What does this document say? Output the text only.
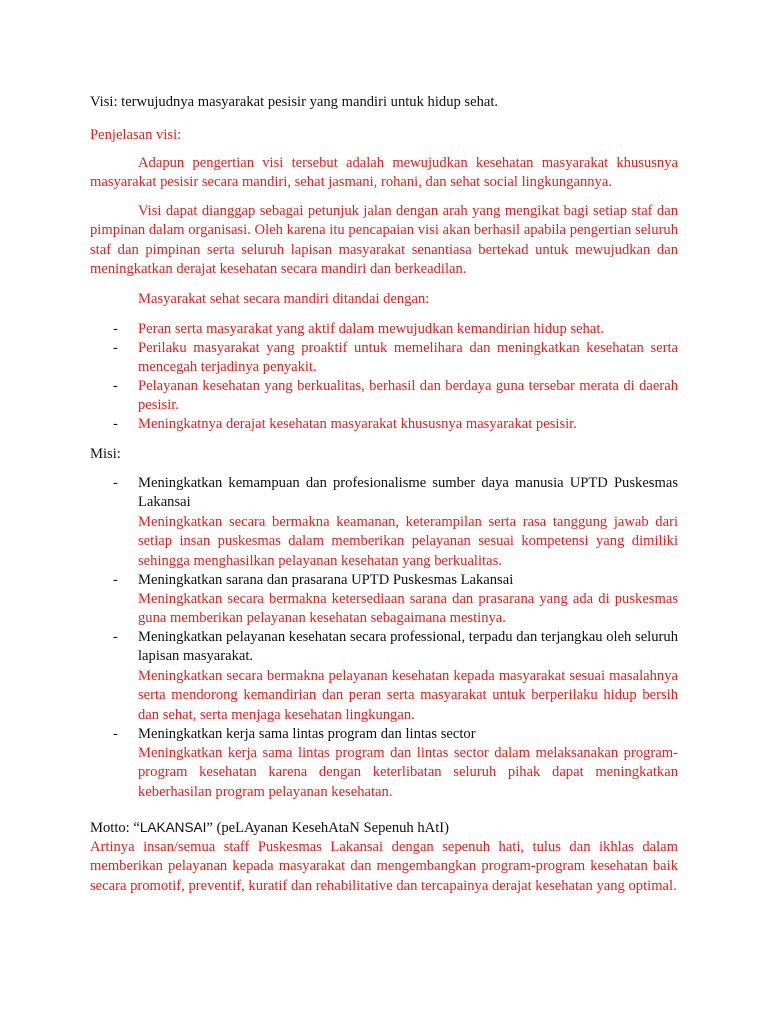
Visi: terwujudnya masyarakat pesisir yang mandiri untuk hidup sehat.

Penjelasan visi:

Adapun pengertian visi tersebut adalah mewujudkan kesehatan masyarakat khususnya masyarakat pesisir secara mandiri, sehat jasmani, rohani, dan sehat social lingkungannya.

Visi dapat dianggap sebagai petunjuk jalan dengan arah yang mengikat bagi setiap staf dan pimpinan dalam organisasi. Oleh karena itu pencapaian visi akan berhasil apabila pengertian seluruh staf dan pimpinan serta seluruh lapisan masyarakat senantiasa bertekad untuk mewujudkan dan meningkatkan derajat kesehatan secara mandiri dan berkeadilan.

Masyarakat sehat secara mandiri ditandai dengan:

-	Peran serta masyarakat yang aktif dalam mewujudkan kemandirian hidup sehat.

-	Perilaku masyarakat yang proaktif untuk memelihara dan meningkatkan kesehatan serta mencegah terjadinya penyakit.

-	Pelayanan kesehatan yang berkualitas, berhasil dan berdaya guna tersebar merata di daerah pesisir.

-	Meningkatnya derajat kesehatan masyarakat khususnya masyarakat pesisir.

Misi:

-	Meningkatkan kemampuan dan profesionalisme sumber daya manusia UPTD Puskesmas Lakansai

Meningkatkan secara bermakna keamanan, keterampilan serta rasa tanggung jawab dari setiap insan puskesmas dalam memberikan pelayanan sesuai kompetensi yang dimiliki sehingga menghasilkan pelayanan kesehatan yang berkualitas.

-	Meningkatkan sarana dan prasarana UPTD Puskesmas Lakansai

Meningkatkan secara bermakna ketersediaan sarana dan prasarana yang ada di puskesmas guna memberikan pelayanan kesehatan sebagaimana mestinya.

-	Meningkatkan pelayanan kesehatan secara professional, terpadu dan terjangkau oleh seluruh lapisan masyarakat.

Meningkatkan secara bermakna pelayanan kesehatan kepada masyarakat sesuai masalahnya serta mendorong kemandirian dan peran serta masyarakat untuk berperilaku hidup bersih dan sehat, serta menjaga kesehatan lingkungan.

-	Meningkatkan kerja sama lintas program dan lintas sector

Meningkatkan kerja sama lintas program dan lintas sector dalam melaksanakan program-program kesehatan karena dengan keterlibatan seluruh pihak dapat meningkatkan keberhasilan program pelayanan kesehatan.

Motto: “LAKANSAI” (peLAyanan KesehAtaN Sepenuh hAtI)

Artinya insan/semua staff Puskesmas Lakansai dengan sepenuh hati, tulus dan ikhlas dalam memberikan pelayanan kepada masyarakat dan mengembangkan program-program kesehatan baik secara promotif, preventif, kuratif dan rehabilitative dan tercapainya derajat kesehatan yang optimal.
